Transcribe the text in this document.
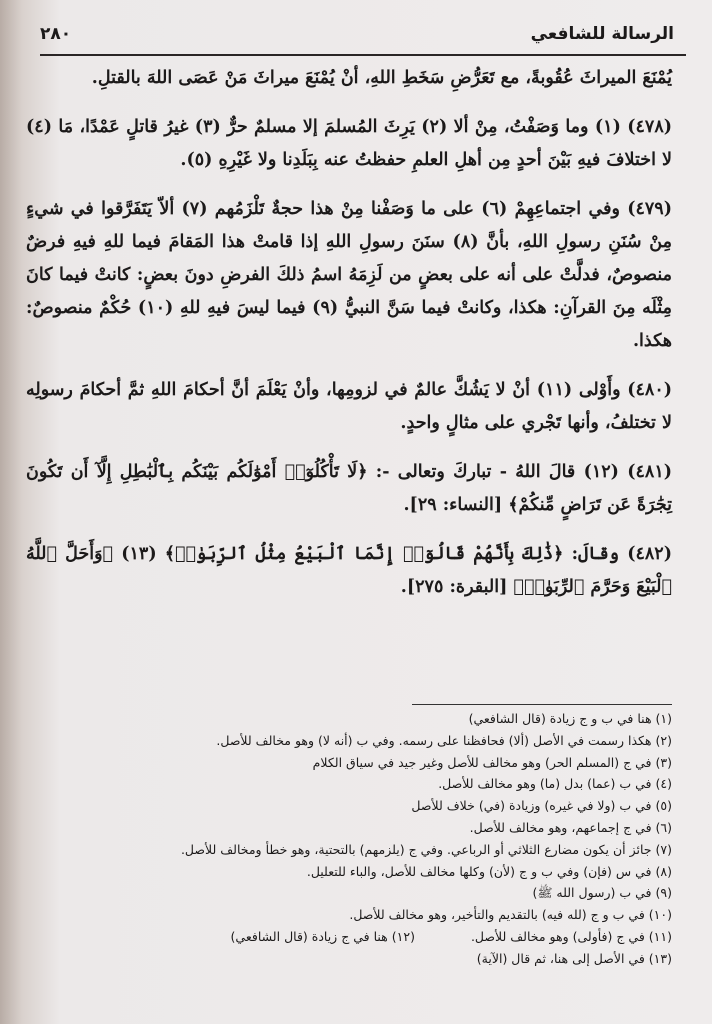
الرسالة للشافعي
٢٨٠

يُمْنَعَ الميراثَ عُقُوبةً، مع تَعَرُّضِ سَخَطِ اللهِ، أنْ يُمْنَعَ ميراثَ مَنْ عَصَى اللهَ بالقتلِ.

(٤٧٨) (١) وما وَصَفْتُ، مِنْ ألا (٢) يَرِثَ المُسلمَ إلا مسلمٌ حرٌّ (٣) غيرُ قاتلٍ عَمْدًا، مَا (٤) لا اختلافَ فيهِ بَيْنَ أحدٍ مِن أهلِ العلمِ حفظتُ عنه بِبَلَدِنا ولا غَيْرِهِ (٥).

(٤٧٩) وفي اجتماعِهِمْ (٦) على ما وَصَفْنا مِنْ هذا حجةٌ تَلْزَمُهم (٧) ألاّ يَتَفَرَّقوا في شيءٍ مِنْ سُنَنِ رسولِ اللهِ، بأنَّ (٨) سنَنَ رسولِ اللهِ إذا قامتْ هذا المَقامَ فيما للهِ فيهِ فرضٌ منصوصٌ، فدلَّتْ على أنه على بعضٍ من لَزِمَهُ اسمُ ذلكَ الفرضِ دونَ بعضٍ: كانتْ فيما كانَ مِثْلَه مِنَ القرآنِ: هكذا، وكانتْ فيما سَنَّ النبيُّ (٩) فيما ليسَ فيهِ للهِ (١٠) حُكْمٌ منصوصٌ: هكذا.

(٤٨٠) وأَوْلى (١١) أنْ لا يَشُكَّ عالمٌ في لزومِها، وأنْ يَعْلَمَ أنَّ أحكامَ اللهِ ثمَّ أحكامَ رسولِه لا تختلفُ، وأنها تَجْري على مثالٍ واحدٍ.

(٤٨١) (١٢) قالَ اللهُ - تباركَ وتعالى -: ﴿لَا تَأْكُلُوٓا۟ أَمْوَٰلَكُم بَيْنَكُم بِٱلْبَٰطِلِ إِلَّآ أَن تَكُونَ تِجَٰرَةً عَن تَرَاضٍ مِّنكُمْ﴾ [النساء: ٢٩].

(٤٨٢) وقالَ: ﴿ذَٰلِكَ بِأَنَّهُمْ قَالُوٓا۟ إِنَّمَا ٱلْبَيْعُ مِثْلُ ٱلرِّبَوٰا۟﴾ (١٣) ﴿وَأَحَلَّ ٱللَّهُ ٱلْبَيْعَ وَحَرَّمَ ٱلرِّبَوٰا۟﴾ [البقرة: ٢٧٥].

(١) هنا في ب و ج زيادة (قال الشافعي)
(٢) هكذا رسمت في الأصل (ألا) فحافظنا على رسمه. وفي ب (أنه لا) وهو مخالف للأصل.
(٣) في ج (المسلم الحر) وهو مخالف للأصل وغير جيد في سياق الكلام
(٤) في ب (عما) بدل (ما) وهو مخالف للأصل.
(٥) في ب (ولا في غيره) وزيادة (في) خلاف للأصل
(٦) في ج إجماعهم، وهو مخالف للأصل.
(٧) جائز أن يكون مضارع الثلاثي أو الرباعي. وفي ج (يلزمهم) بالتحتية، وهو خطأ ومخالف للأصل.
(٨) في س (فإن) وفي ب و ج (لأن) وكلها مخالف للأصل، والباء للتعليل.
(٩) في ب (رسول الله ﷺ)
(١٠) في ب و ج (لله فيه) بالتقديم والتأخير، وهو مخالف للأصل.
(١١) في ج (فأولى) وهو مخالف للأصل.
(١٢) هنا في ج زيادة (قال الشافعي)
(١٣) في الأصل إلى هنا، ثم قال (الآية)
